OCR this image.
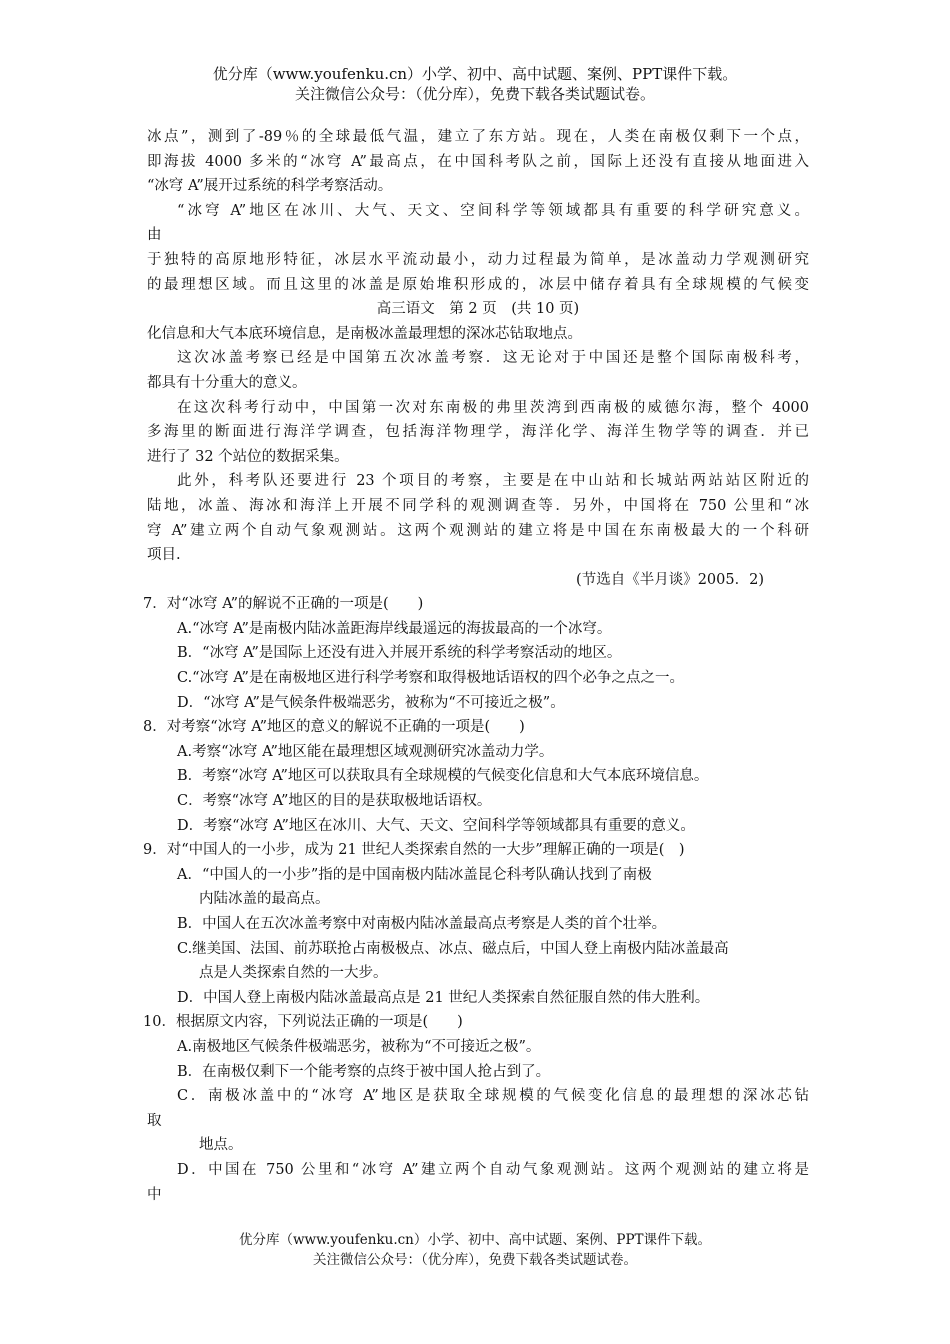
优分库（www.youfenku.cn）小学、初中、高中试题、案例、PPT课件下载。
关注微信公众号：（优分库），免费下载各类试题试卷。
冰点”，测到了-89％的全球最低气温，建立了东方站。现在，人类在南极仅剩下一个点，
即海拔 4000 多米的“冰穹 A”最高点，在中国科考队之前，国际上还没有直接从地面进入
“冰穹 A”展开过系统的科学考察活动。
“冰穹 A”地区在冰川、大气、天文、空间科学等领域都具有重要的科学研究意义。
由
于独特的高原地形特征，冰层水平流动最小，动力过程最为简单，是冰盖动力学观测研究
的最理想区域。而且这里的冰盖是原始堆积形成的，冰层中储存着具有全球规模的气候变
高三语文　第 2 页　(共 10 页)
化信息和大气本底环境信息，是南极冰盖最理想的深冰芯钻取地点。
这次冰盖考察已经是中国第五次冰盖考察．这无论对于中国还是整个国际南极科考，
都具有十分重大的意义。
在这次科考行动中，中国第一次对东南极的弗里茨湾到西南极的威德尔海，整个 4000
多海里的断面进行海洋学调查，包括海洋物理学，海洋化学、海洋生物学等的调查．并已
进行了 32 个站位的数据采集。
此外，科考队还要进行 23 个项目的考察，主要是在中山站和长城站两站站区附近的
陆地，冰盖、海冰和海洋上开展不同学科的观测调查等．另外，中国将在 750 公里和“冰
穹 A”建立两个自动气象观测站。这两个观测站的建立将是中国在东南极最大的一个科研
项目.
(节选自《半月谈》2005．2)
7．对“冰穹 A”的解说不正确的一项是(　　)
A.“冰穹 A”是南极内陆冰盖距海岸线最遥远的海拔最高的一个冰穹。
B．“冰穹 A”是国际上还没有进入并展开系统的科学考察活动的地区。
C.“冰穹 A”是在南极地区进行科学考察和取得极地话语权的四个必争之点之一。
D．“冰穹 A”是气候条件极端恶劣，被称为“不可接近之极”。
8．对考察“冰穹 A”地区的意义的解说不正确的一项是(　　)
A.考察“冰穹 A”地区能在最理想区域观测研究冰盖动力学。
B．考察“冰穹 A”地区可以获取具有全球规模的气候变化信息和大气本底环境信息。
C．考察“冰穹 A”地区的目的是获取极地话语权。
D．考察“冰穹 A”地区在冰川、大气、天文、空间科学等领域都具有重要的意义。
9．对“中国人的一小步，成为 21 世纪人类探索自然的一大步”理解正确的一项是(　)
A．“中国人的一小步”指的是中国南极内陆冰盖昆仑科考队确认找到了南极
内陆冰盖的最高点。
B．中国人在五次冰盖考察中对南极内陆冰盖最高点考察是人类的首个壮举。
C.继美国、法国、前苏联抢占南极极点、冰点、磁点后，中国人登上南极内陆冰盖最高
点是人类探索自然的一大步。
D．中国人登上南极内陆冰盖最高点是 21 世纪人类探索自然征服自然的伟大胜利。
10．根据原文内容，下列说法正确的一项是(　　)
A.南极地区气候条件极端恶劣，被称为“不可接近之极”。
B．在南极仅剩下一个能考察的点终于被中国人抢占到了。
C．南极冰盖中的“冰穹 A”地区是获取全球规模的气候变化信息的最理想的深冰芯钻
取
地点。
D．中国在 750 公里和“冰穹 A”建立两个自动气象观测站。这两个观测站的建立将是
中
优分库（www.youfenku.cn）小学、初中、高中试题、案例、PPT课件下载。
关注微信公众号：（优分库），免费下载各类试题试卷。
